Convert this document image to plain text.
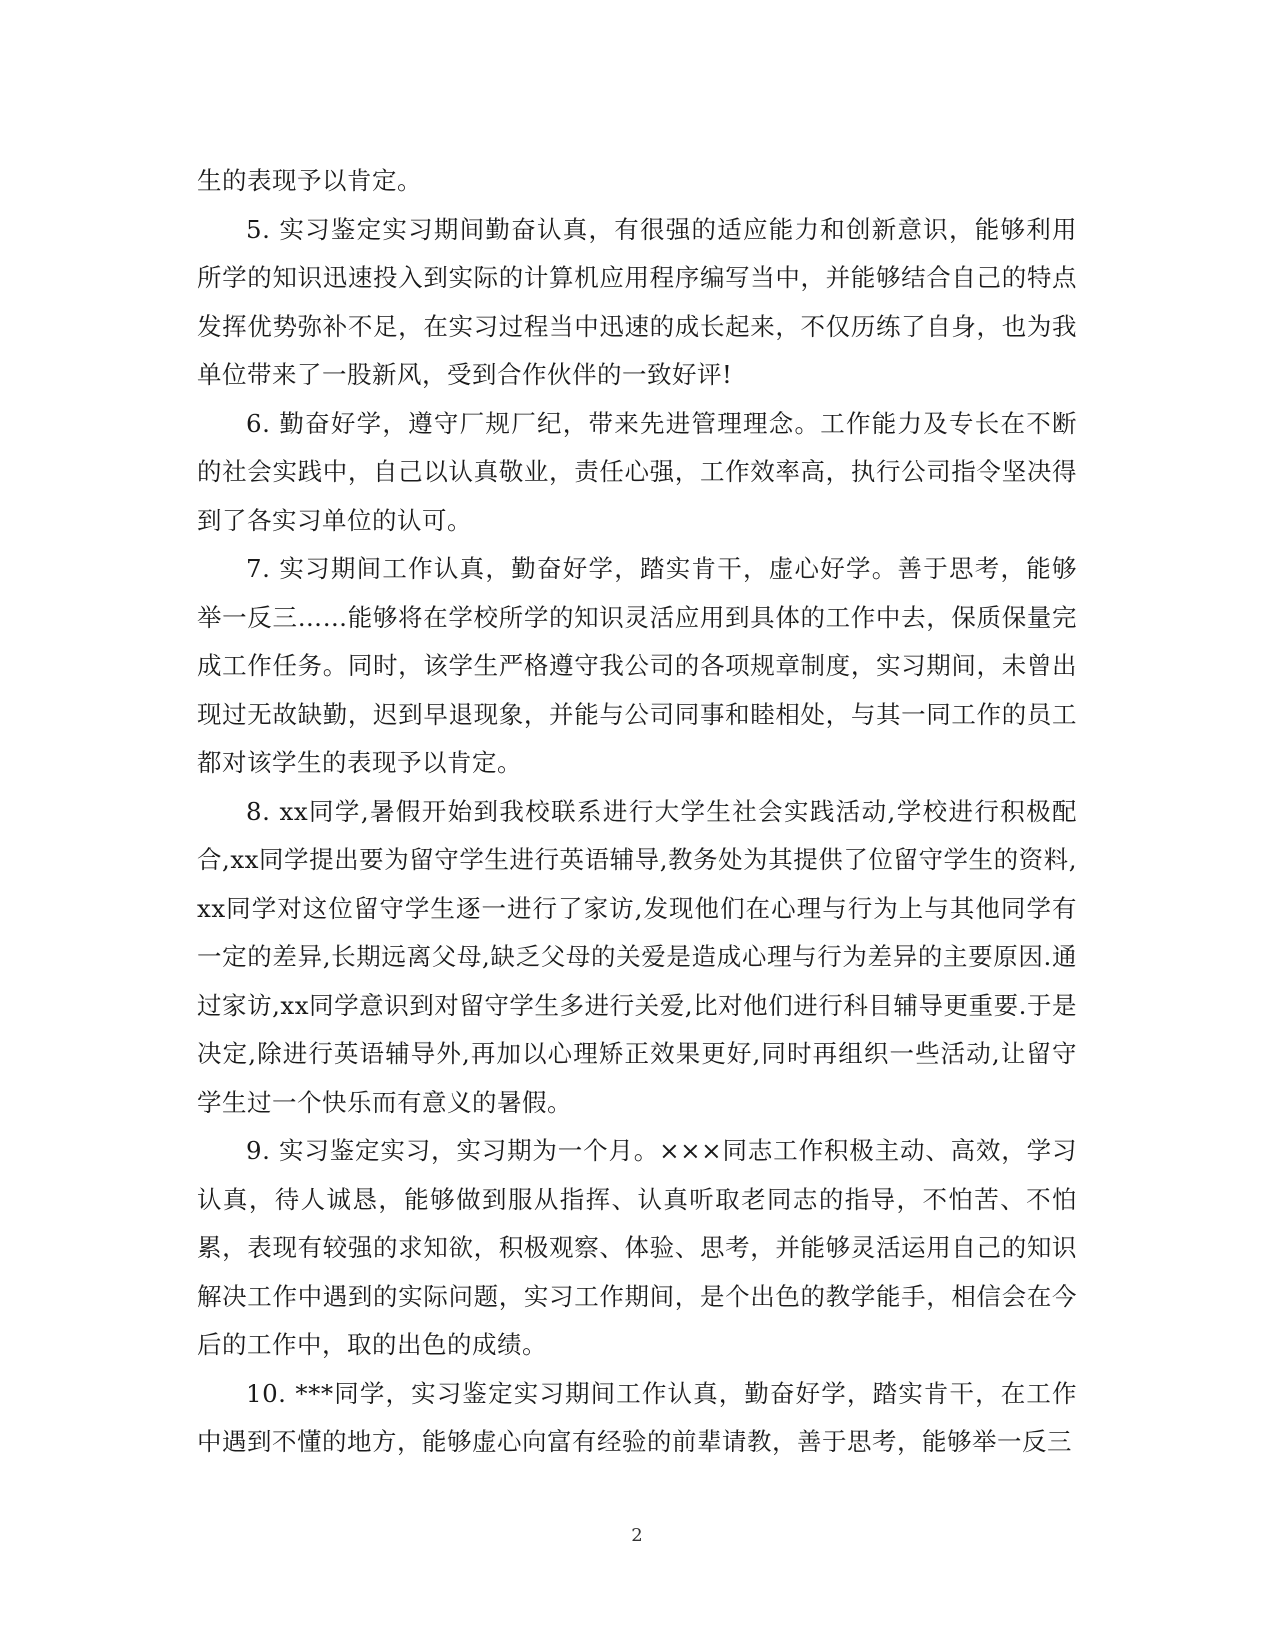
生的表现予以肯定。

5. 实习鉴定实习期间勤奋认真，有很强的适应能力和创新意识，能够利用所学的知识迅速投入到实际的计算机应用程序编写当中，并能够结合自己的特点发挥优势弥补不足，在实习过程当中迅速的成长起来，不仅历练了自身，也为我单位带来了一股新风，受到合作伙伴的一致好评!

6. 勤奋好学，遵守厂规厂纪，带来先进管理理念。工作能力及专长在不断的社会实践中，自己以认真敬业，责任心强，工作效率高，执行公司指令坚决得到了各实习单位的认可。

7. 实习期间工作认真，勤奋好学，踏实肯干，虚心好学。善于思考，能够举一反三……能够将在学校所学的知识灵活应用到具体的工作中去，保质保量完成工作任务。同时，该学生严格遵守我公司的各项规章制度，实习期间，未曾出现过无故缺勤，迟到早退现象，并能与公司同事和睦相处，与其一同工作的员工都对该学生的表现予以肯定。

8. xx同学,暑假开始到我校联系进行大学生社会实践活动,学校进行积极配合,xx同学提出要为留守学生进行英语辅导,教务处为其提供了位留守学生的资料,xx同学对这位留守学生逐一进行了家访,发现他们在心理与行为上与其他同学有一定的差异,长期远离父母,缺乏父母的关爱是造成心理与行为差异的主要原因.通过家访,xx同学意识到对留守学生多进行关爱,比对他们进行科目辅导更重要.于是决定,除进行英语辅导外,再加以心理矫正效果更好,同时再组织一些活动,让留守学生过一个快乐而有意义的暑假。

9. 实习鉴定实习，实习期为一个月。×××同志工作积极主动、高效，学习认真，待人诚恳，能够做到服从指挥、认真听取老同志的指导，不怕苦、不怕累，表现有较强的求知欲，积极观察、体验、思考，并能够灵活运用自己的知识解决工作中遇到的实际问题，实习工作期间，是个出色的教学能手，相信会在今后的工作中，取的出色的成绩。

10. ***同学，实习鉴定实习期间工作认真，勤奋好学，踏实肯干，在工作中遇到不懂的地方，能够虚心向富有经验的前辈请教，善于思考，能够举一反三

2
